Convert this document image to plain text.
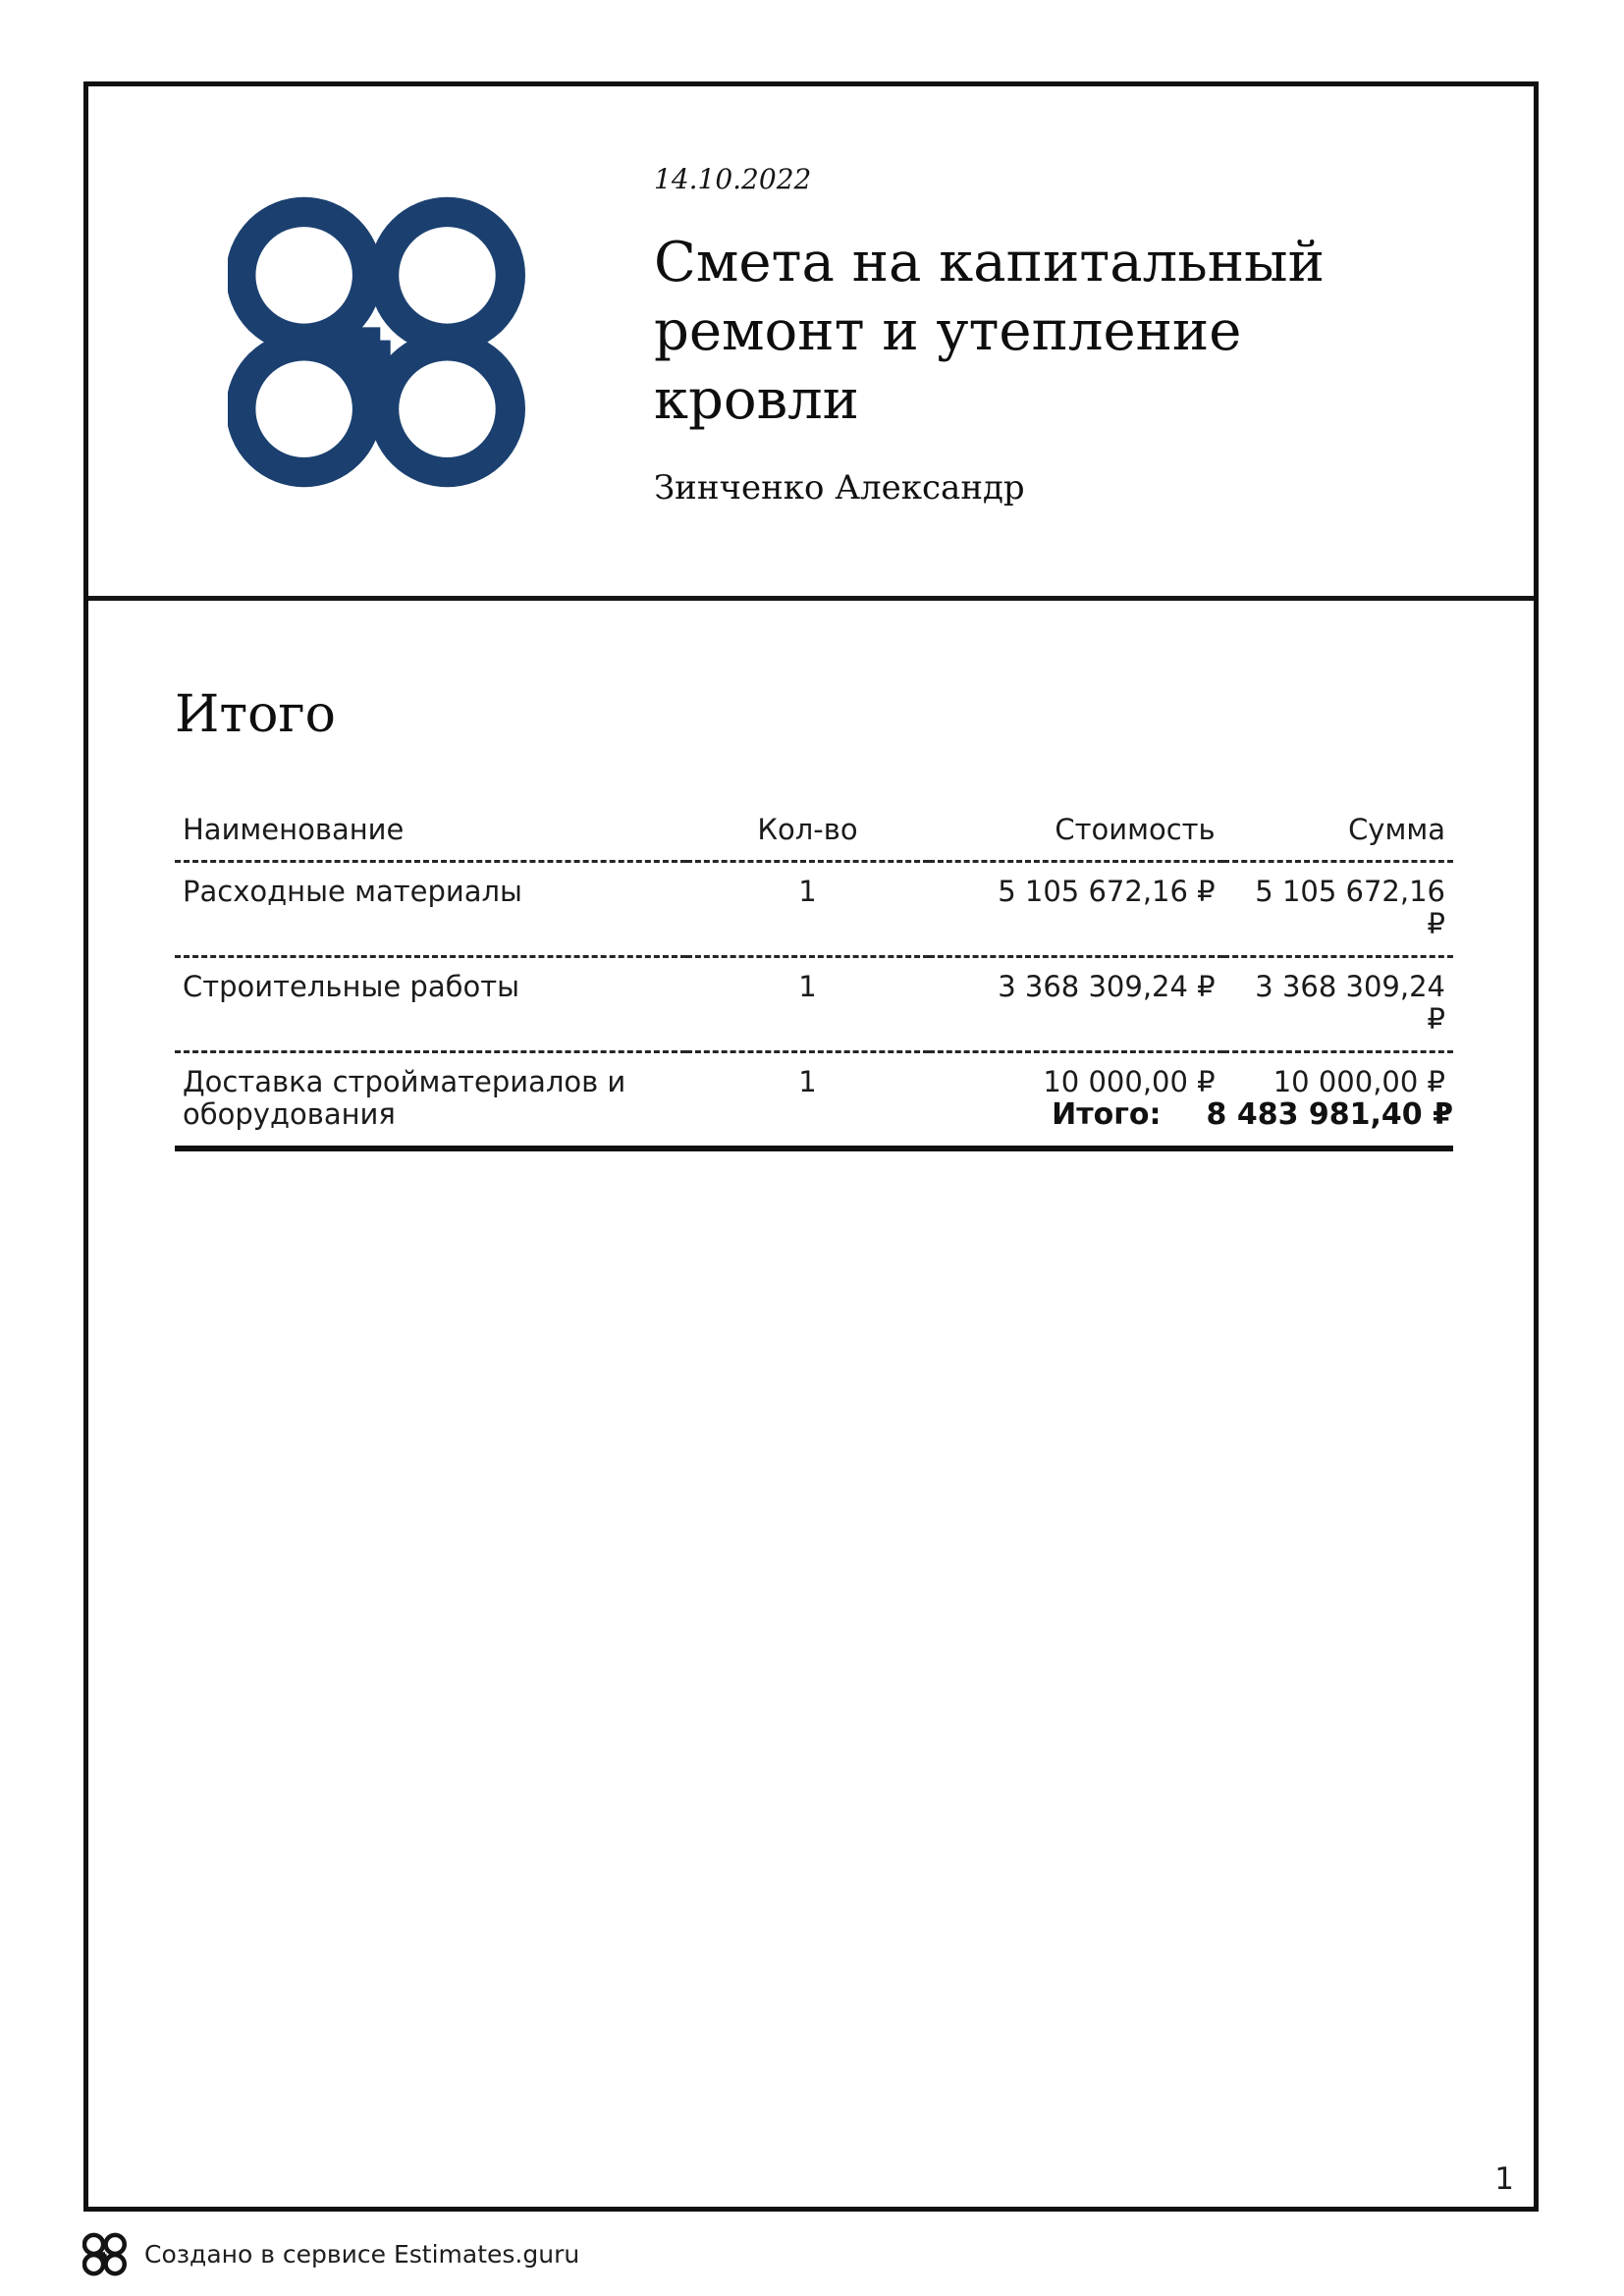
14.10.2022
Смета на капитальный ремонт и утепление кровли
Зинченко Александр
Итого
Наименование	Кол-во	Стоимость	Сумма
Расходные материалы	1	5 105 672,16 ₽	5 105 672,16 ₽
Строительные работы	1	3 368 309,24 ₽	3 368 309,24 ₽
Доставка стройматериалов и оборудования	1	10 000,00 ₽	10 000,00 ₽
Итого: 8 483 981,40 ₽
1
Создано в сервисе Estimates.guru
